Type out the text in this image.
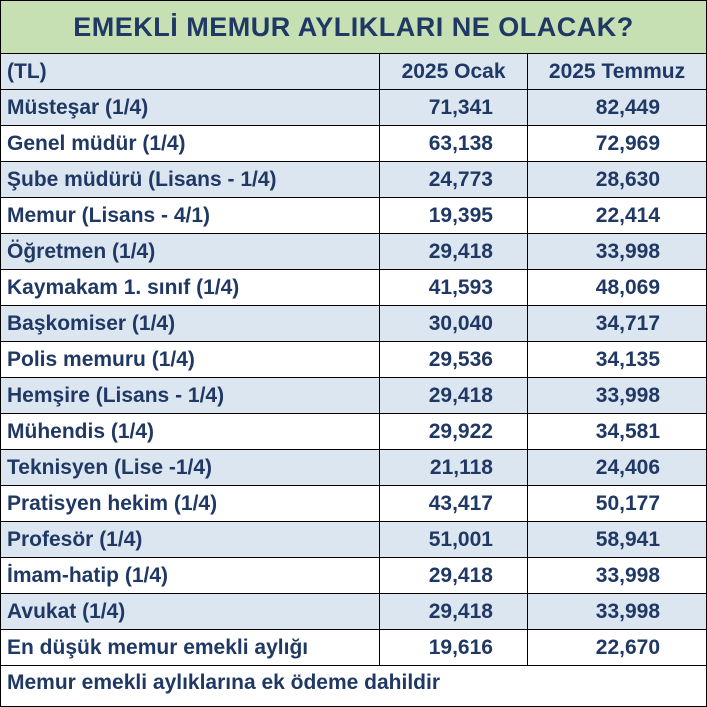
EMEKLİ MEMUR AYLIKLARI NE OLACAK?
(TL)	2025 Ocak	2025 Temmuz
Müsteşar (1/4)	71,341	82,449
Genel müdür (1/4)	63,138	72,969
Şube müdürü (Lisans - 1/4)	24,773	28,630
Memur (Lisans - 4/1)	19,395	22,414
Öğretmen (1/4)	29,418	33,998
Kaymakam 1. sınıf (1/4)	41,593	48,069
Başkomiser (1/4)	30,040	34,717
Polis memuru (1/4)	29,536	34,135
Hemşire (Lisans - 1/4)	29,418	33,998
Mühendis (1/4)	29,922	34,581
Teknisyen (Lise -1/4)	21,118	24,406
Pratisyen hekim (1/4)	43,417	50,177
Profesör (1/4)	51,001	58,941
İmam-hatip (1/4)	29,418	33,998
Avukat (1/4)	29,418	33,998
En düşük memur emekli aylığı	19,616	22,670
Memur emekli aylıklarına ek ödeme dahildir		
